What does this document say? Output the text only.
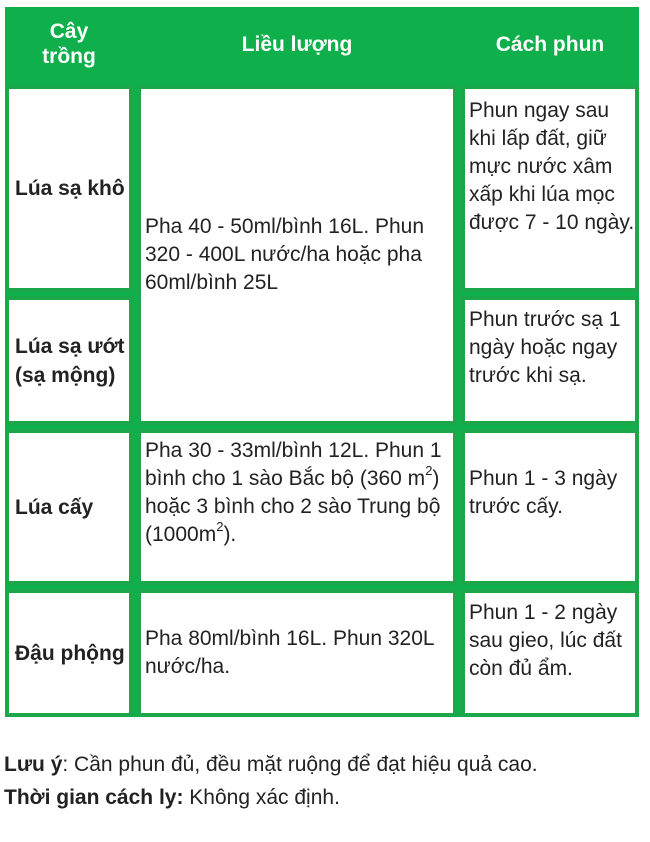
Cây trồng
Liều lượng	Cách phun
Lúa sạ khô
Phun ngay sau khi lấp đất, giữ mực nước xâm xấp khi lúa mọc được 7 - 10 ngày.
Pha 40 - 50ml/bình 16L. Phun 320 - 400L nước/ha hoặc pha 60ml/bình 25L
Lúa sạ ướt (sạ mộng)
Phun trước sạ 1 ngày hoặc ngay trước khi sạ.
Lúa cấy
Pha 30 - 33ml/bình 12L. Phun 1 bình cho 1 sào Bắc bộ (360 $m^2$) hoặc 3 bình cho 2 sào Trung bộ $(1000m^2)$.
Phun 1 - 3 ngày trước cấy.
Đậu phộng
Pha 80ml/bình 16L. Phun 320L nước/ha.
Phun 1 - 2 ngày sau gieo, lúc đất còn đủ ẩm.
Lưu ý: Cần phun đủ, đều mặt ruộng để đạt hiệu quả cao.
Thời gian cách ly: Không xác định.
